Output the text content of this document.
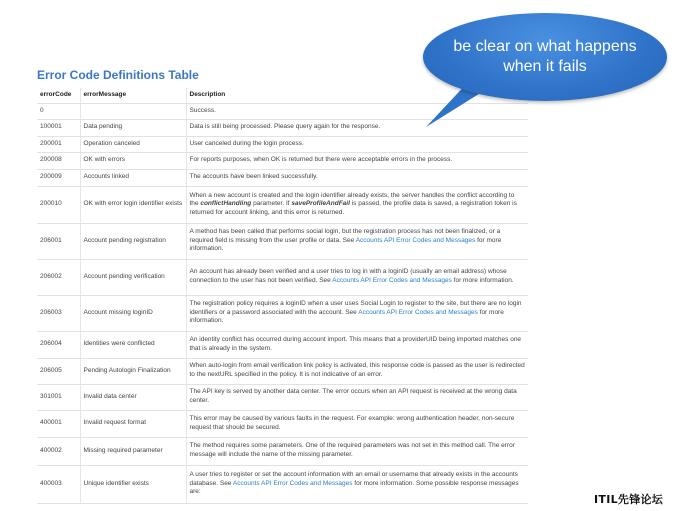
Error Code Definitions Table
errorCode	errorMessage	Description
0		Success.
100001	Data pending	Data is still being processed. Please query again for the response.
200001	Operation canceled	User canceled during the login process.
200008	OK with errors	For reports purposes, when OK is returned but there were acceptable errors in the process.
200009	Accounts linked	The accounts have been linked successfully.
200010	OK with error login identifier exists	When a new account is created and the login identifier already exists, the server handles the conflict according to the conflictHandling parameter. If saveProfileAndFail is passed, the profile data is saved, a registration token is returned for account linking, and this error is returned.
206001	Account pending registration	A method has been called that performs social login, but the registration process has not been finalized, or a required field is missing from the user profile or data. See Accounts API Error Codes and Messages for more information.
206002	Account pending verification	An account has already been verified and a user tries to log in with a loginID (usually an email address) whose connection to the user has not been verified. See Accounts API Error Codes and Messages for more information.
206003	Account missing loginID	The registration policy requires a loginID when a user uses Social Login to register to the site, but there are no login identifiers or a password associated with the account. See Accounts API Error Codes and Messages for more information.
206004	Identities were conflicted	An identity conflict has occurred during account import. This means that a providerUID being imported matches one that is already in the system.
206005	Pending Autologin Finalization	When auto-login from email verification link policy is activated, this response code is passed as the user is redirected to the nextURL specified in the policy. It is not indicative of an error.
301001	Invalid data center	The API key is served by another data center. The error occurs when an API request is received at the wrong data center.
400001	Invalid request format	This error may be caused by various faults in the request. For example: wrong authentication header, non-secure request that should be secured.
400002	Missing required parameter	The method requires some parameters. One of the required parameters was not set in this method call. The error message will include the name of the missing parameter.
400003	Unique identifier exists	A user tries to register or set the account information with an email or username that already exists in the accounts database. See Accounts API Error Codes and Messages for more information. Some possible response messages are:
be clear on what happens
when it fails
ITIL先锋论坛
